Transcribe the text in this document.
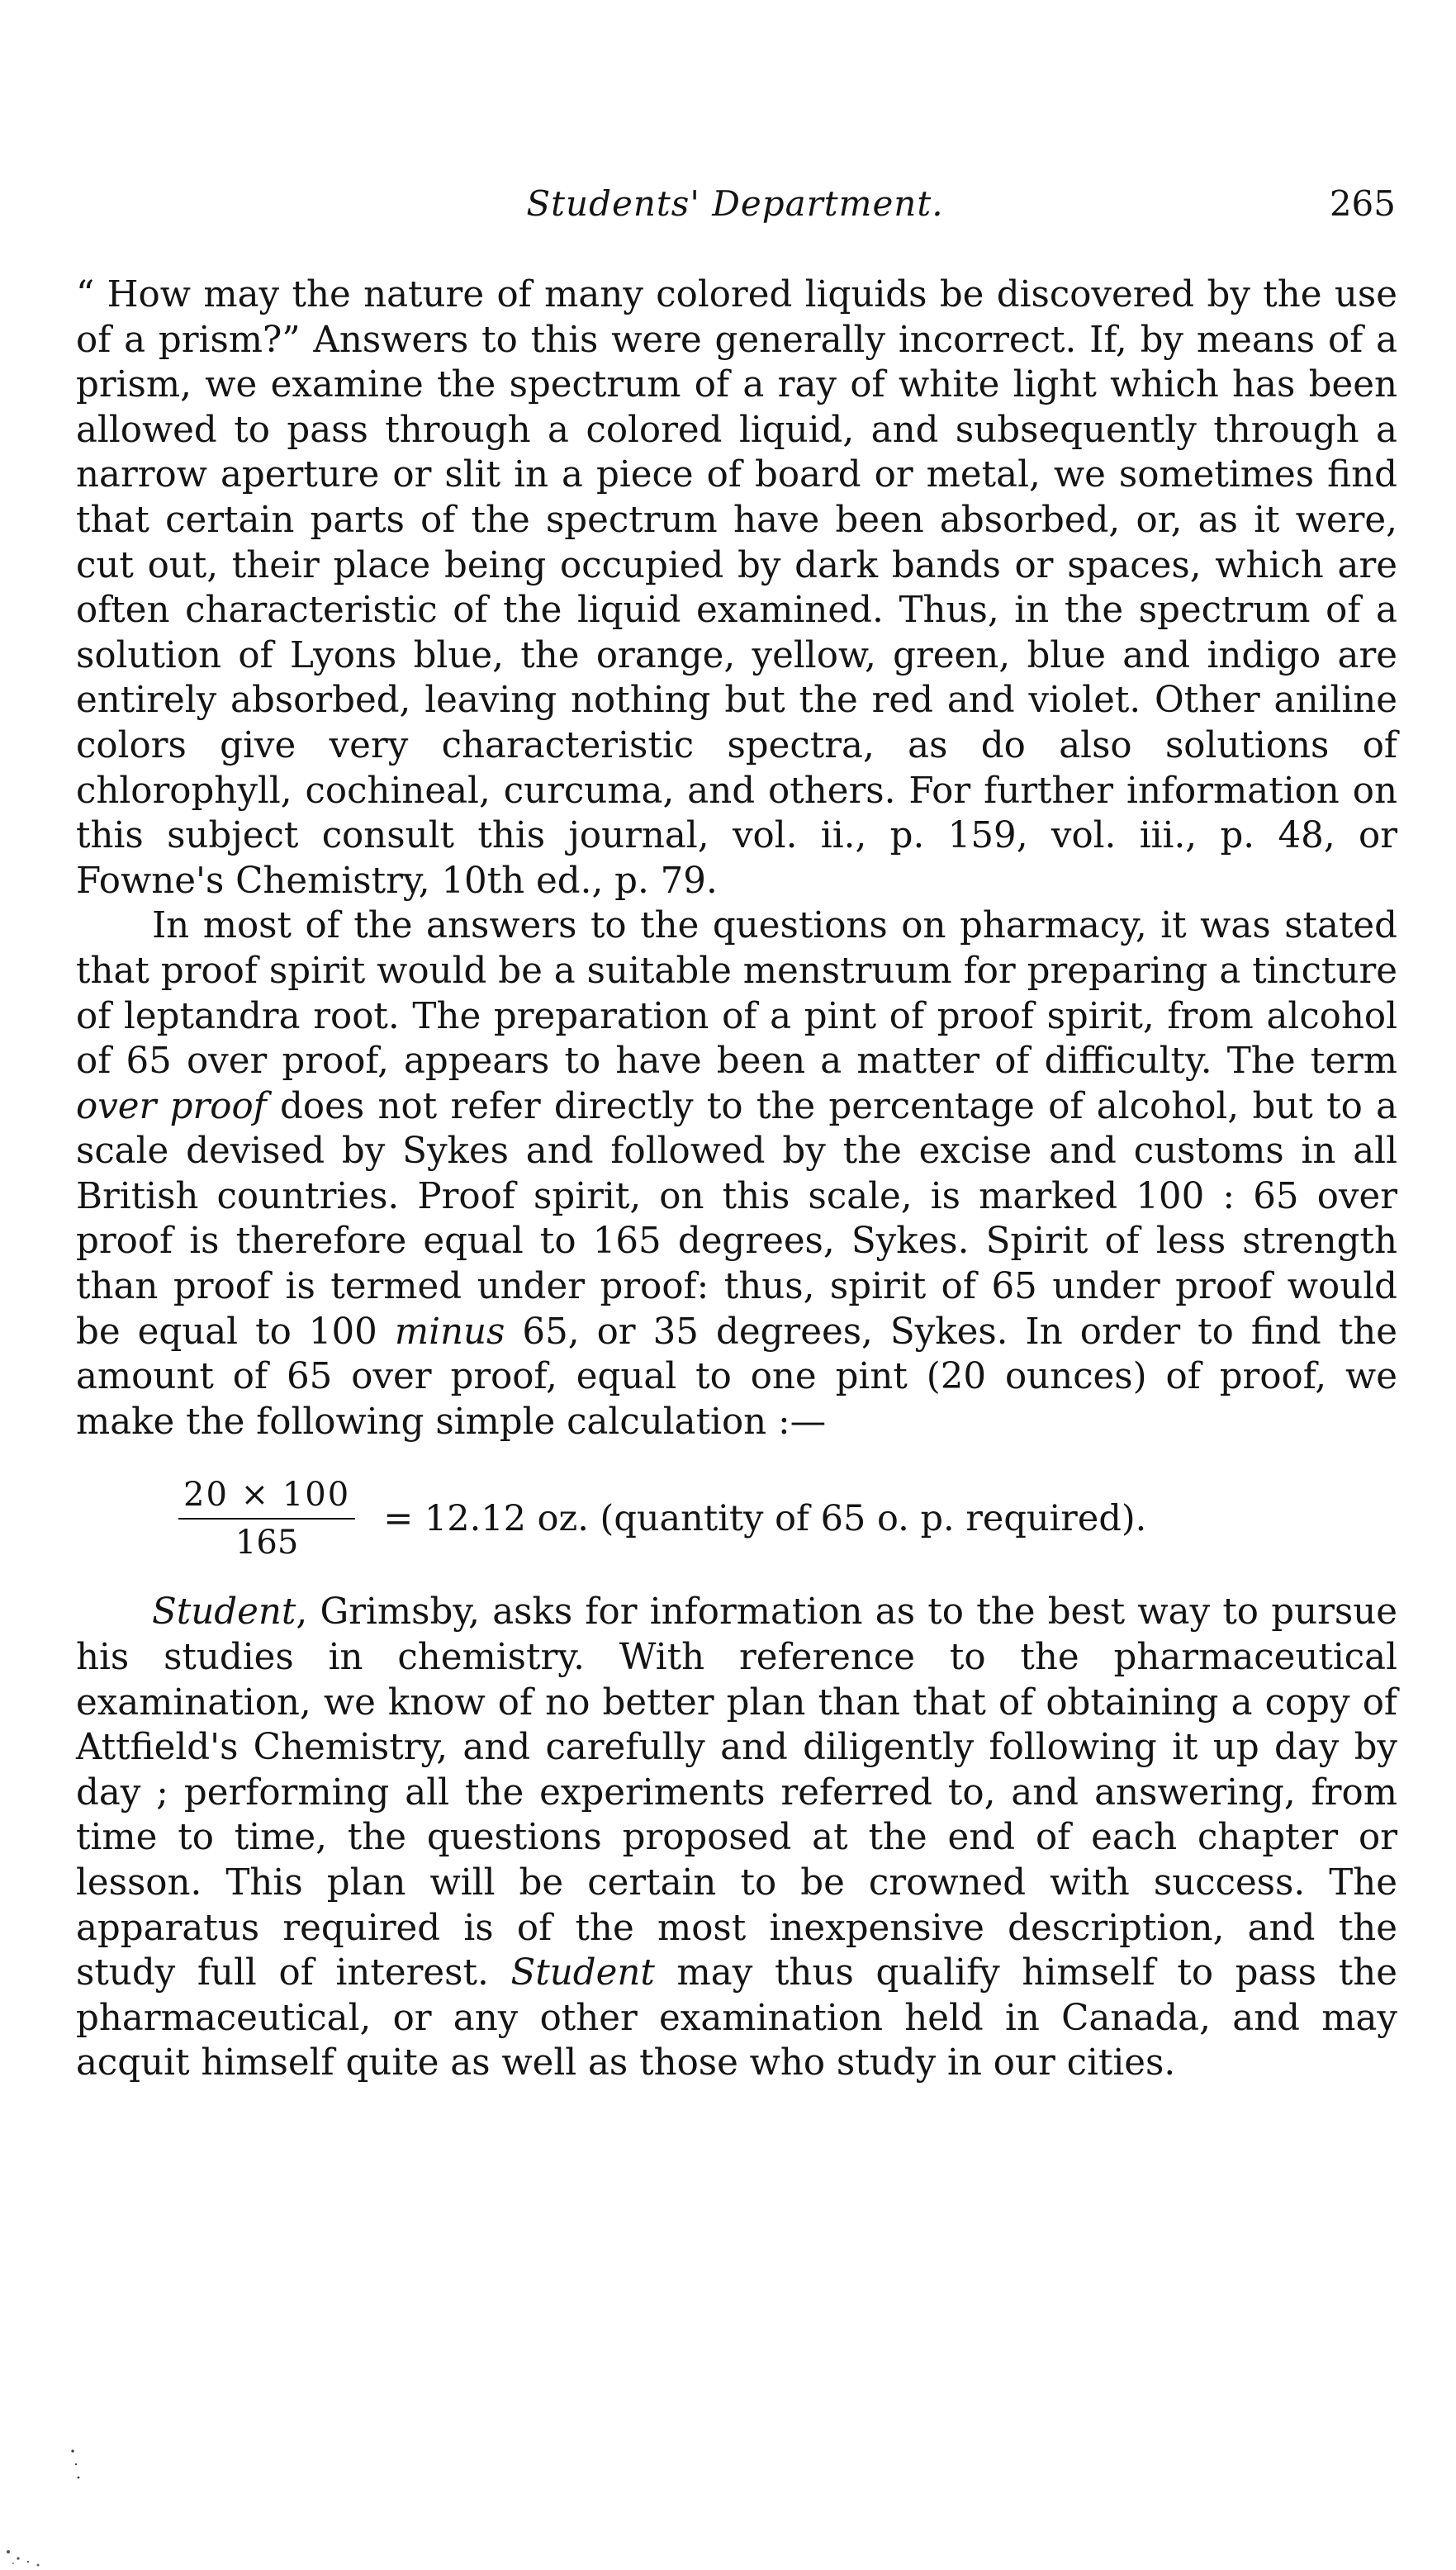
Students' Department.	265

“ How may the nature of many colored liquids be discovered by the use of a prism?” Answers to this were generally incorrect. If, by means of a prism, we examine the spectrum of a ray of white light which has been allowed to pass through a colored liquid, and subsequently through a narrow aperture or slit in a piece of board or metal, we sometimes find that certain parts of the spectrum have been absorbed, or, as it were, cut out, their place being occupied by dark bands or spaces, which are often characteristic of the liquid examined. Thus, in the spectrum of a solution of Lyons blue, the orange, yellow, green, blue and indigo are entirely absorbed, leaving nothing but the red and violet. Other aniline colors give very characteristic spectra, as do also solutions of chlorophyll, cochineal, curcuma, and others. For further information on this subject consult this journal, vol. ii., p. 159, vol. iii., p. 48, or Fowne's Chemistry, 10th ed., p. 79.

In most of the answers to the questions on pharmacy, it was stated that proof spirit would be a suitable menstruum for preparing a tincture of leptandra root. The preparation of a pint of proof spirit, from alcohol of 65 over proof, appears to have been a matter of difficulty. The term over proof does not refer directly to the percentage of alcohol, but to a scale devised by Sykes and followed by the excise and customs in all British countries. Proof spirit, on this scale, is marked 100 : 65 over proof is therefore equal to 165 degrees, Sykes. Spirit of less strength than proof is termed under proof: thus, spirit of 65 under proof would be equal to 100 minus 65, or 35 degrees, Sykes. In order to find the amount of 65 over proof, equal to one pint (20 ounces) of proof, we make the following simple calculation :—

$\frac{20 \times 100}{165} = 12.12$ oz. (quantity of 65 o. p. required).

Student, Grimsby, asks for information as to the best way to pursue his studies in chemistry. With reference to the pharmaceutical examination, we know of no better plan than that of obtaining a copy of Attfield's Chemistry, and carefully and diligently following it up day by day ; performing all the experiments referred to, and answering, from time to time, the questions proposed at the end of each chapter or lesson. This plan will be certain to be crowned with success. The apparatus required is of the most inexpensive description, and the study full of interest. Student may thus qualify himself to pass the pharmaceutical, or any other examination held in Canada, and may acquit himself quite as well as those who study in our cities.
